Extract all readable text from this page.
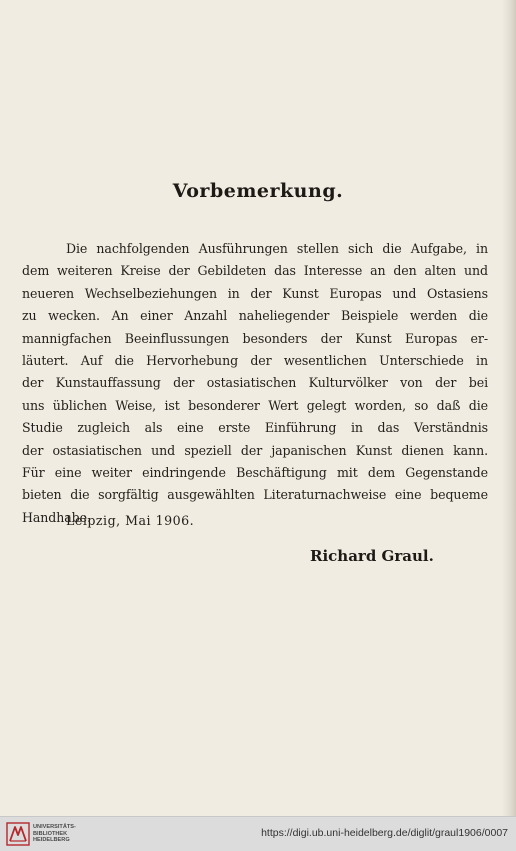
Vorbemerkung.
Die nachfolgenden Ausführungen stellen sich die Aufgabe, in
dem weiteren Kreise der Gebildeten das Interesse an den alten und
neueren Wechselbeziehungen in der Kunst Europas und Ostasiens
zu wecken. An einer Anzahl naheliegender Beispiele werden die
mannigfachen Beeinflussungen besonders der Kunst Europas er-
läutert. Auf die Hervorhebung der wesentlichen Unterschiede in
der Kunstauffassung der ostasiatischen Kulturvölker von der bei
uns üblichen Weise, ist besonderer Wert gelegt worden, so daß die
Studie zugleich als eine erste Einführung in das Verständnis
der ostasiatischen und speziell der japanischen Kunst dienen kann.
Für eine weiter eindringende Beschäftigung mit dem Gegenstande
bieten die sorgfältig ausgewählten Literaturnachweise eine bequeme
Handhabe.

Leipzig, Mai 1906.

Richard Graul.

UNIVERSITÄTS-
BIBLIOTHEK
HEIDELBERG
https://digi.ub.uni-heidelberg.de/diglit/graul1906/0007
